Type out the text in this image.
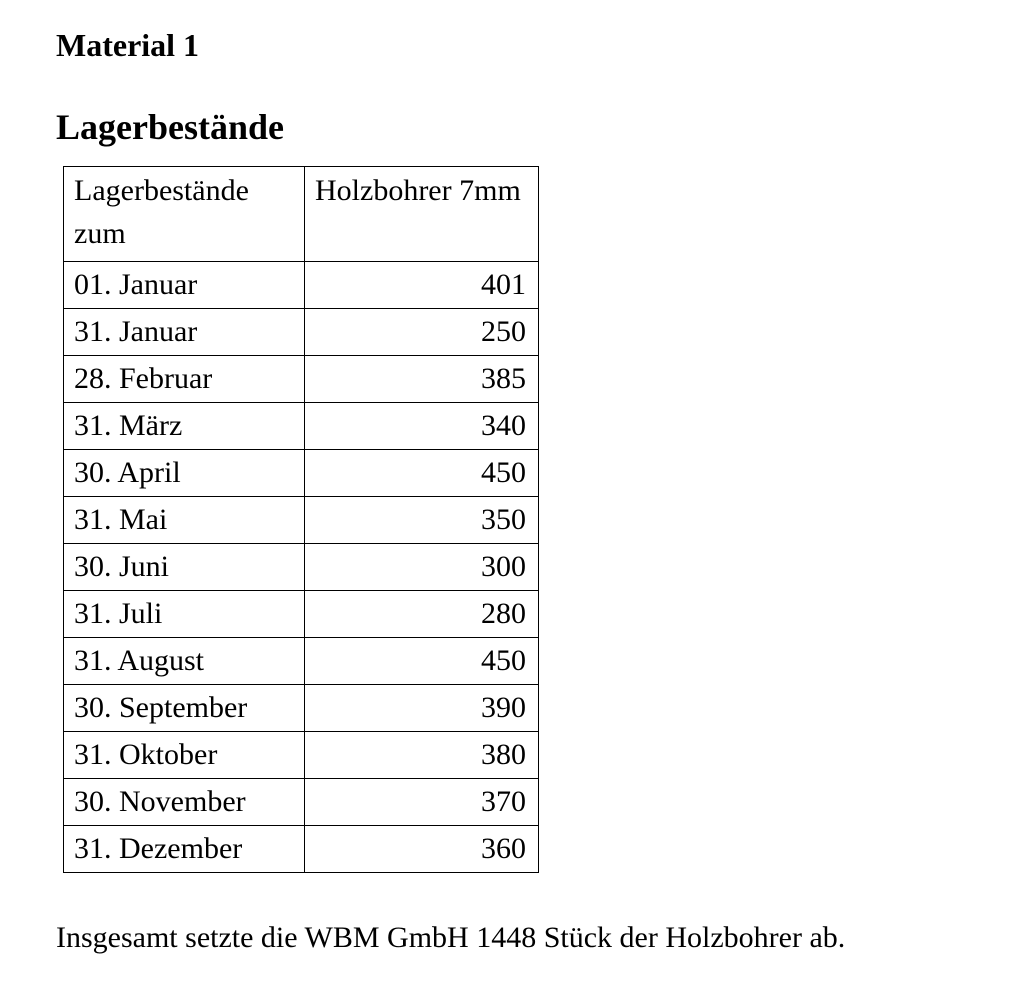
Material 1
Lagerbestände
Lagerbestände zum	Holzbohrer 7mm
01. Januar	401
31. Januar	250
28. Februar	385
31. März	340
30. April	450
31. Mai	350
30. Juni	300
31. Juli	280
31. August	450
30. September	390
31. Oktober	380
30. November	370
31. Dezember	360

Insgesamt setzte die WBM GmbH 1448 Stück der Holzbohrer ab.
